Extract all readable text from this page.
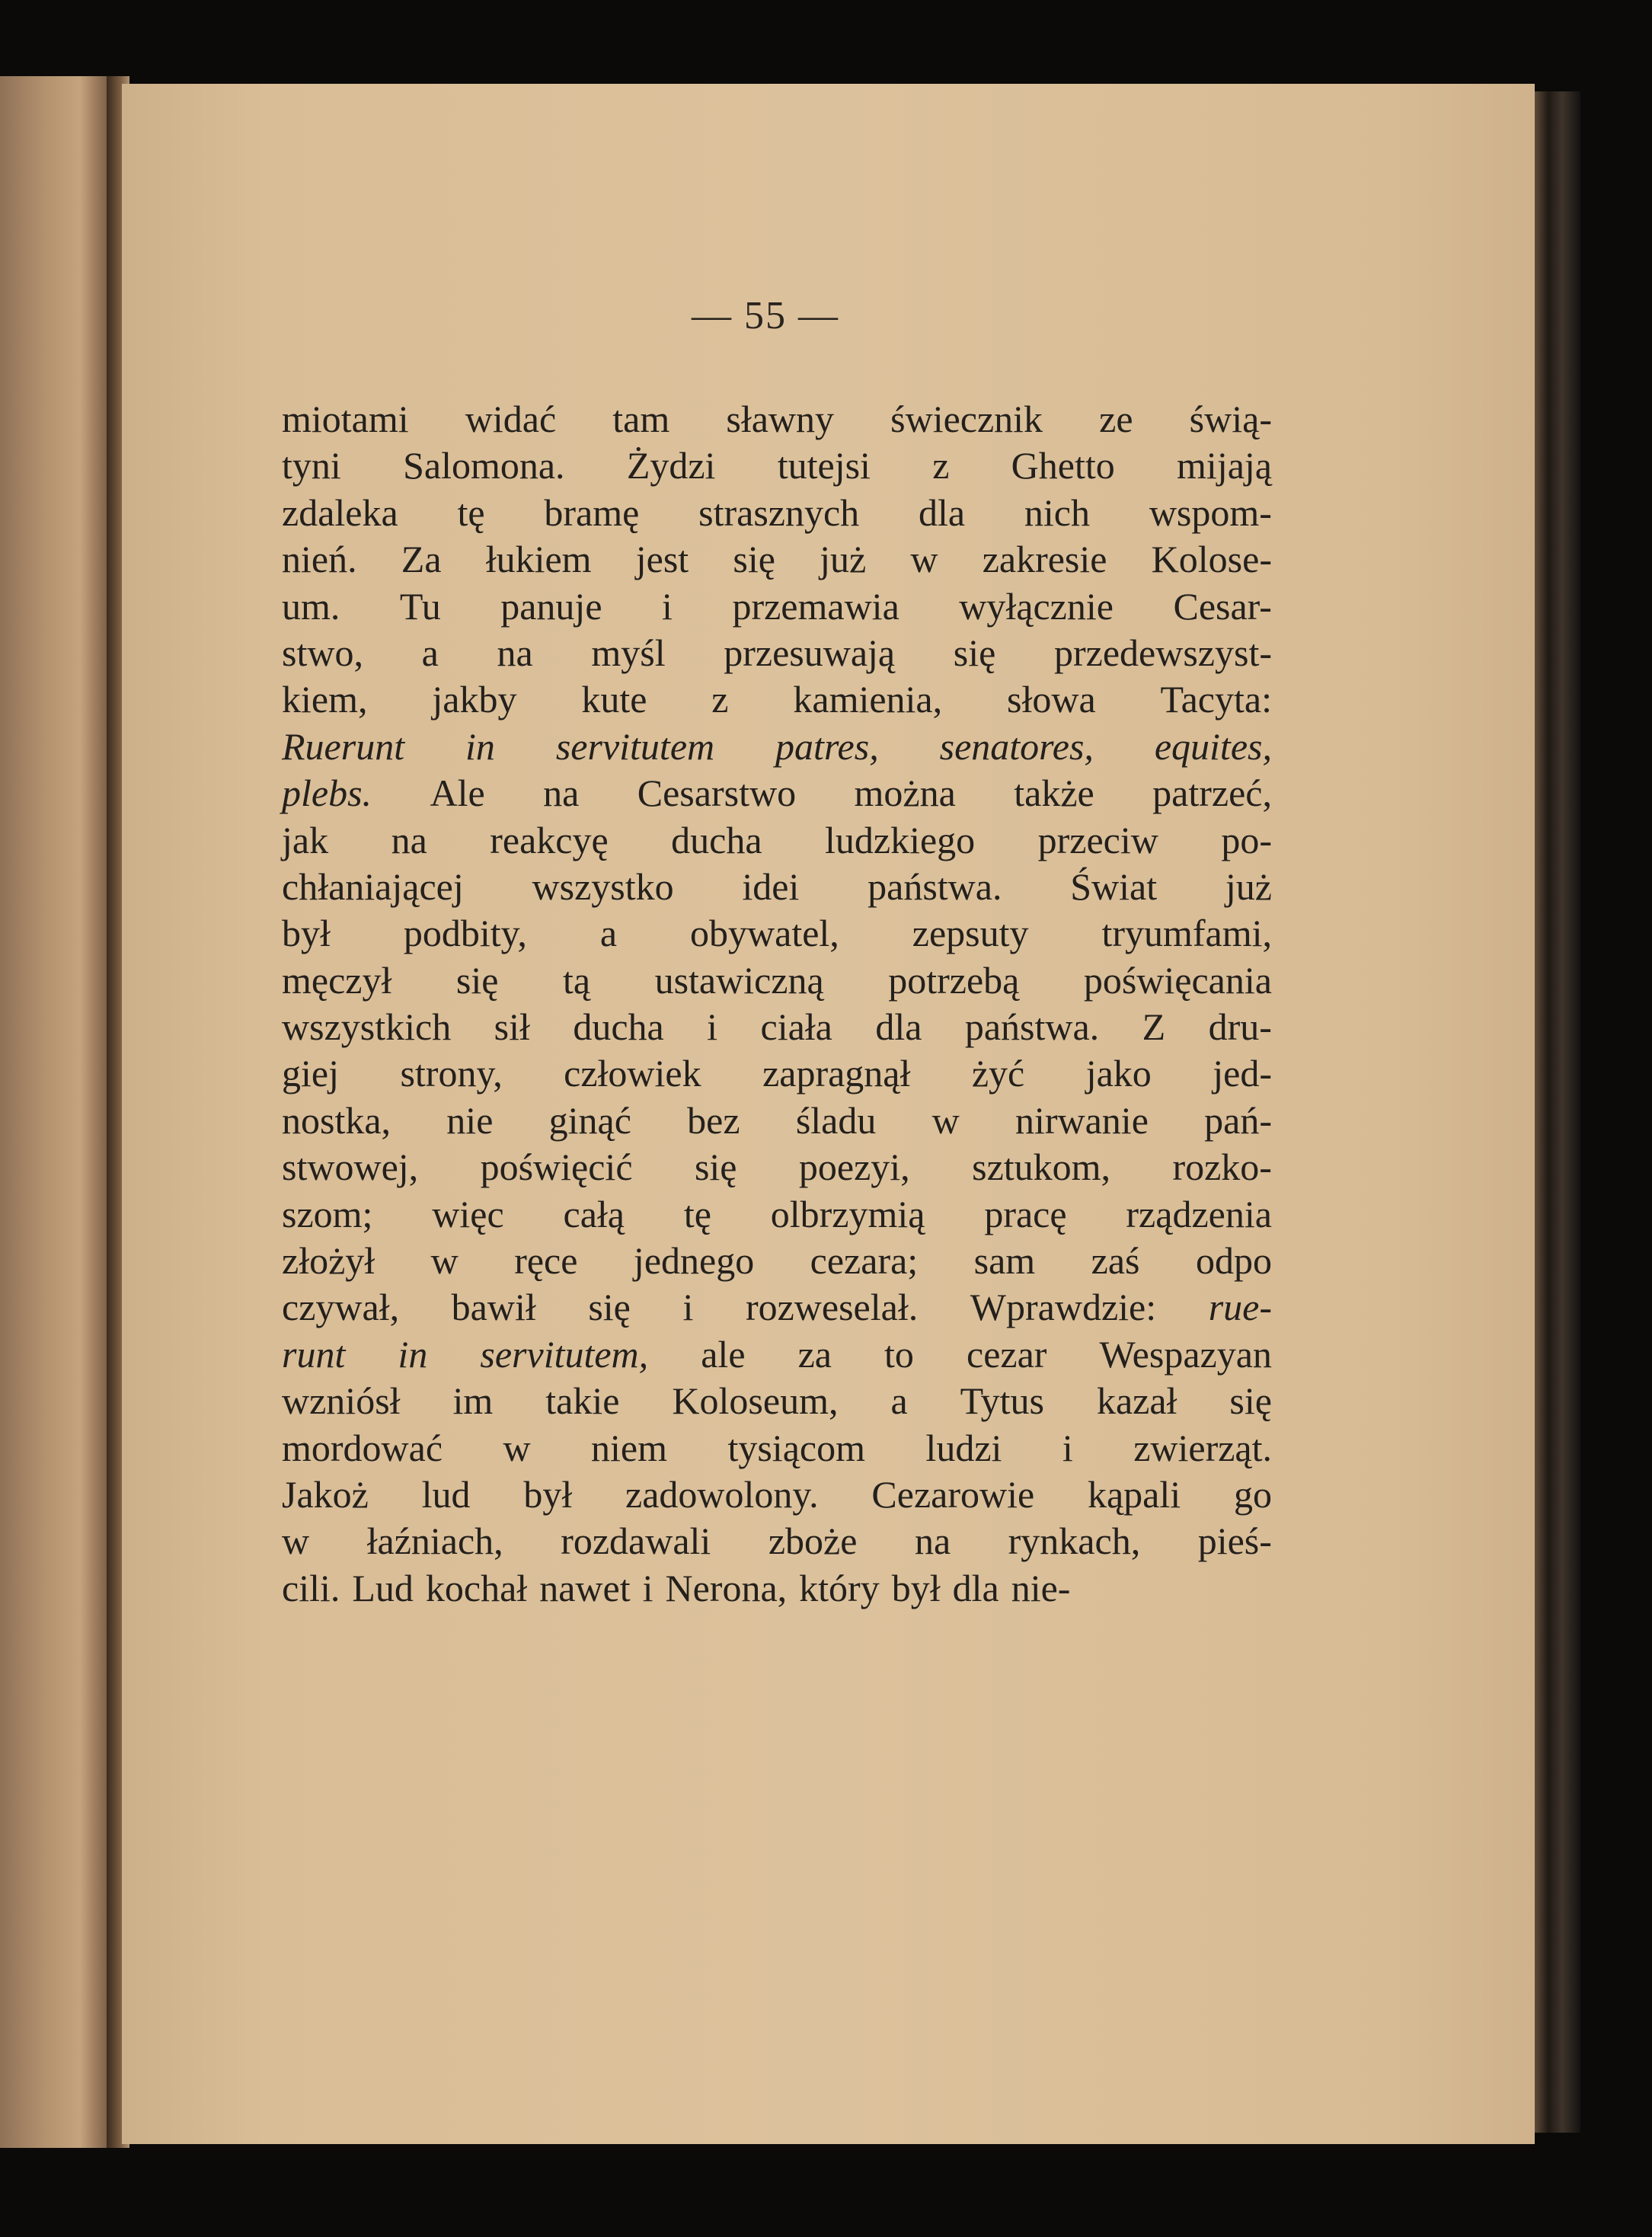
— 55 —
miotami widać tam sławny świecznik ze świą-
tyni Salomona. Żydzi tutejsi z Ghetto mijają
zdaleka tę bramę strasznych dla nich wspom-
nień. Za łukiem jest się już w zakresie Kolose-
um. Tu panuje i przemawia wyłącznie Cesar-
stwo, a na myśl przesuwają się przedewszyst-
kiem, jakby kute z kamienia, słowa Tacyta:
Ruerunt in servitutem patres, senatores, equites,
plebs. Ale na Cesarstwo można także patrzeć,
jak na reakcyę ducha ludzkiego przeciw po-
chłaniającej wszystko idei państwa. Świat już
był podbity, a obywatel, zepsuty tryumfami,
męczył się tą ustawiczną potrzebą poświęcania
wszystkich sił ducha i ciała dla państwa. Z dru-
giej strony, człowiek zapragnął żyć jako jed-
nostka, nie ginąć bez śladu w nirwanie pań-
stwowej, poświęcić się poezyi, sztukom, rozko-
szom; więc całą tę olbrzymią pracę rządzenia
złożył w ręce jednego cezara; sam zaś odpo
czywał, bawił się i rozweselał. Wprawdzie: rue-
runt in servitutem, ale za to cezar Wespazyan
wzniósł im takie Koloseum, a Tytus kazał się
mordować w niem tysiącom ludzi i zwierząt.
Jakoż lud był zadowolony. Cezarowie kąpali go
w łaźniach, rozdawali zboże na rynkach, pieś-
cili. Lud kochał nawet i Nerona, który był dla nie-
